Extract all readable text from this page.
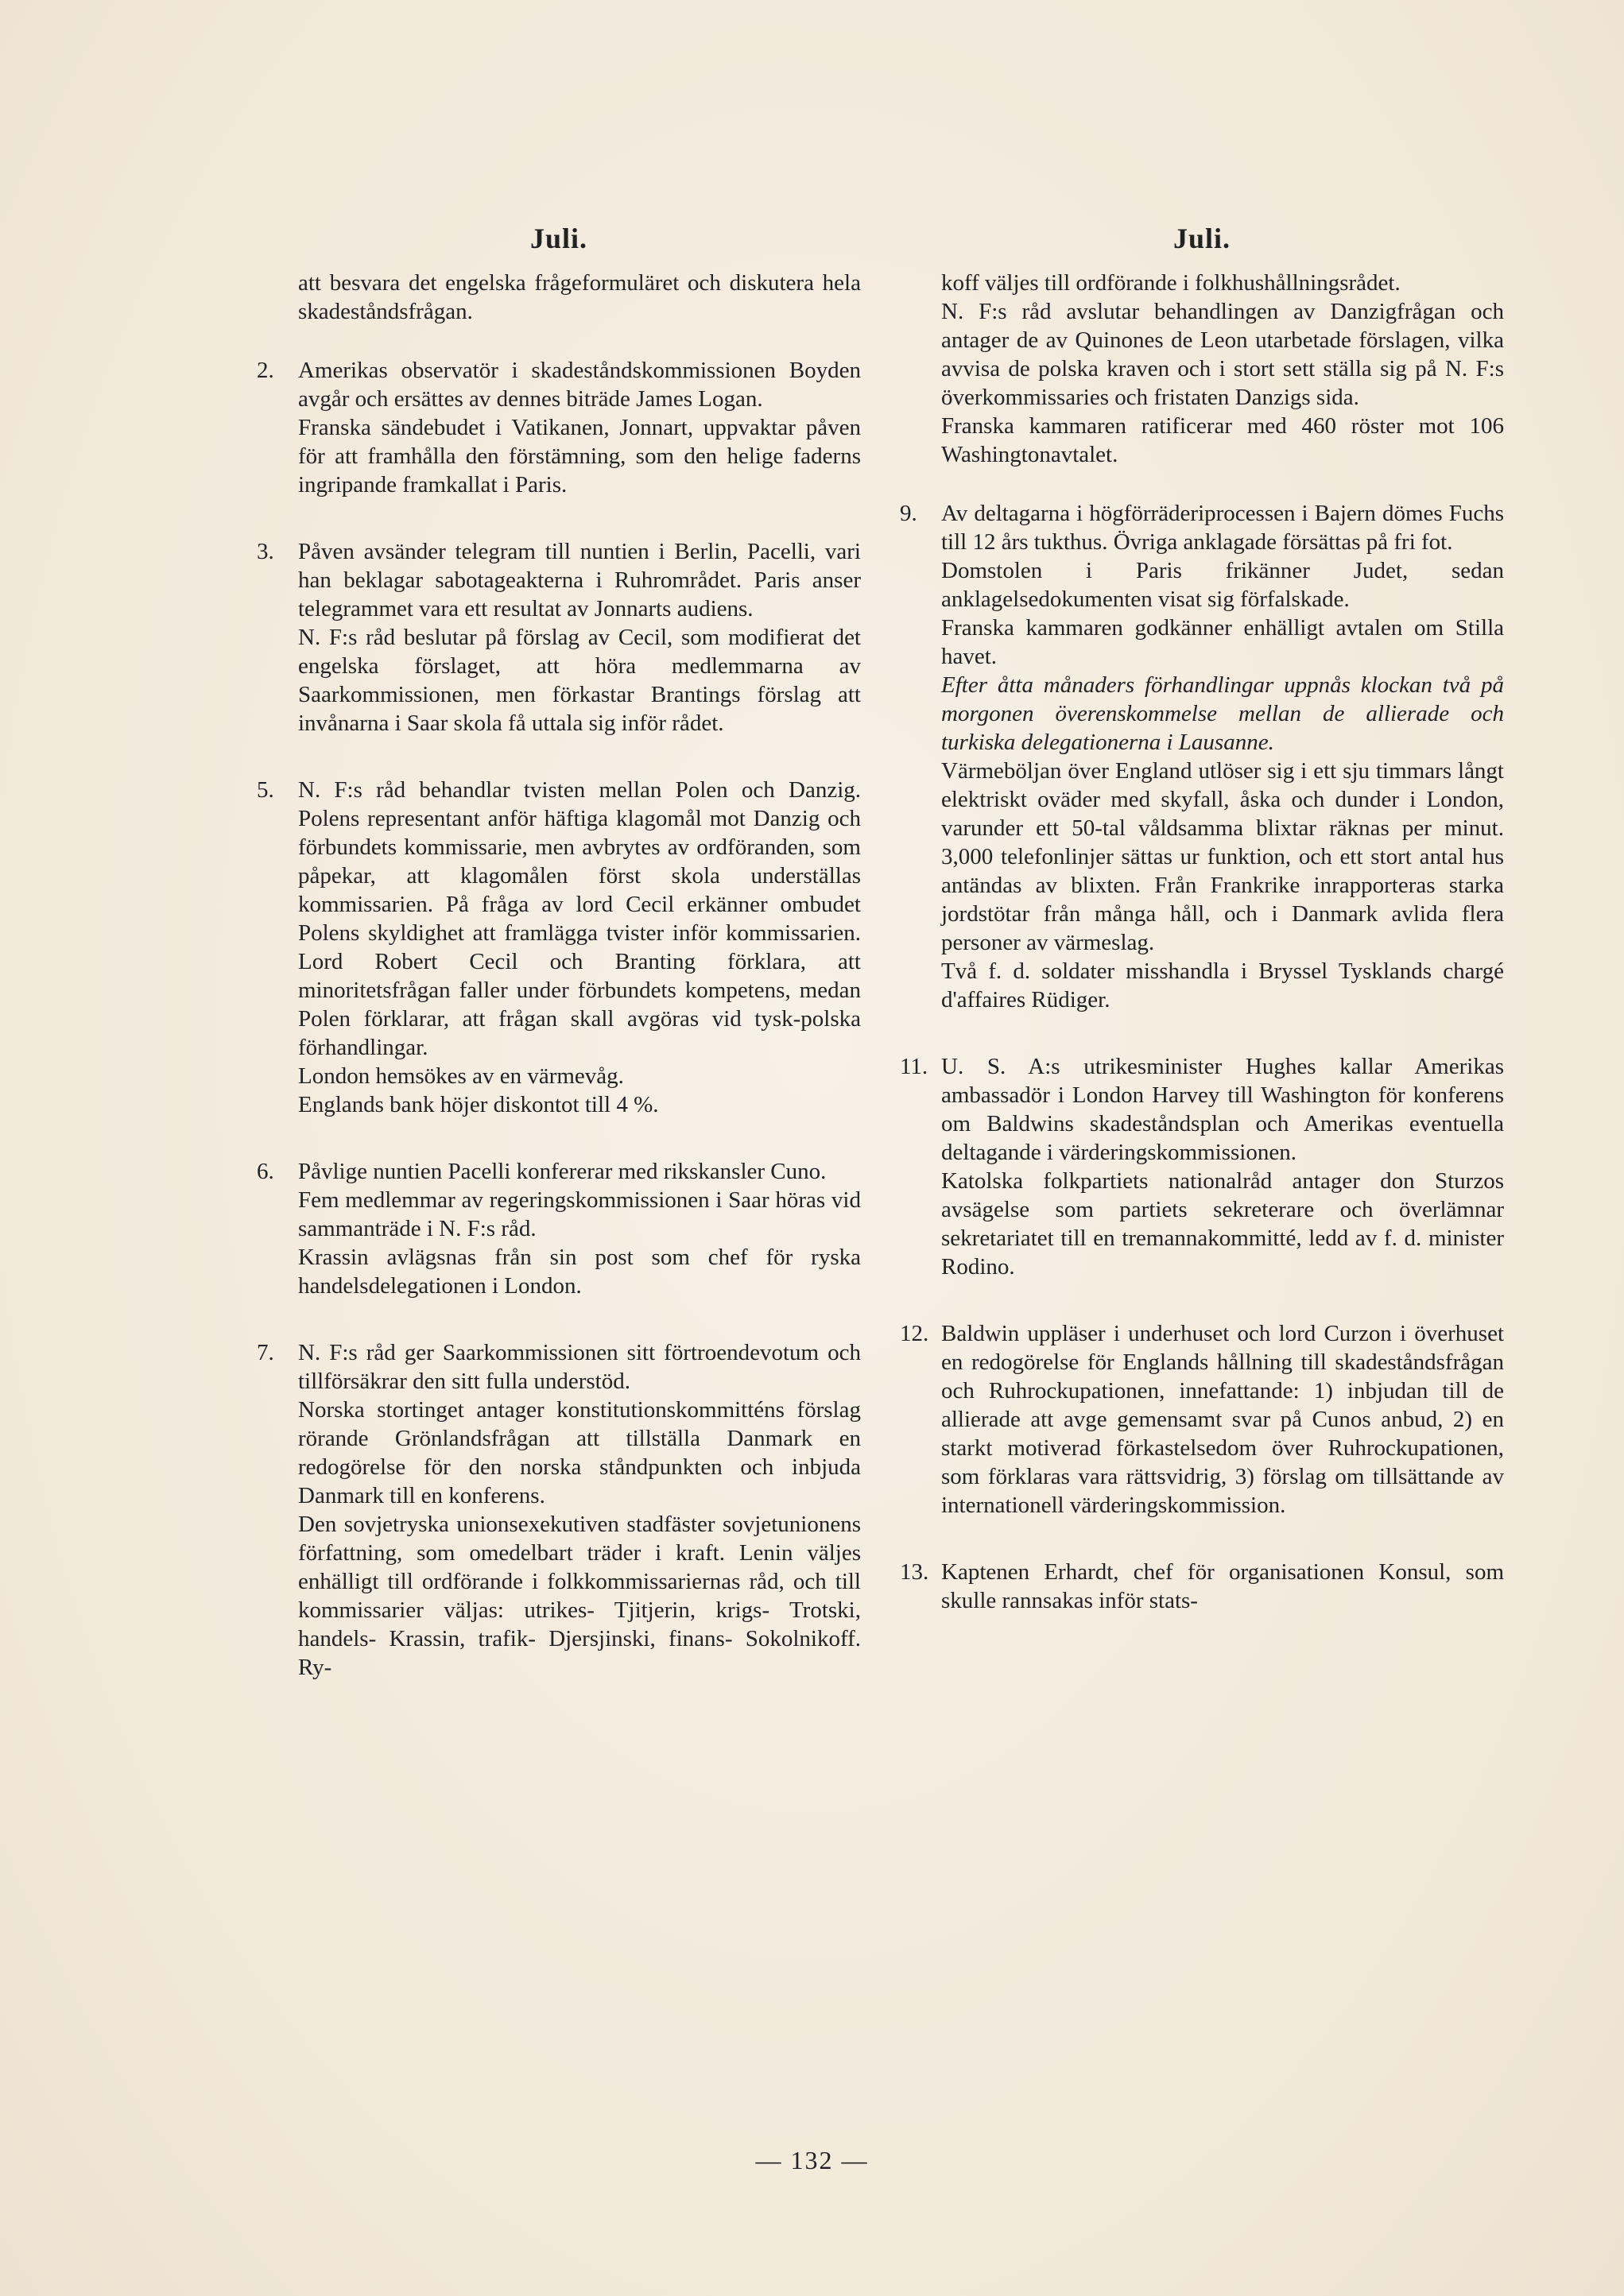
Juli.

att besvara det engelska frågeformuläret och diskutera hela skadeståndsfrågan.

2. Amerikas observatör i skadeståndskommissionen Boyden avgår och ersättes av dennes biträde James Logan.

Franska sändebudet i Vatikanen, Jonnart, uppvaktar påven för att framhålla den förstämning, som den helige faderns ingripande framkallat i Paris.

3. Påven avsänder telegram till nuntien i Berlin, Pacelli, vari han beklagar sabotageakterna i Ruhrområdet. Paris anser telegrammet vara ett resultat av Jonnarts audiens.

N. F:s råd beslutar på förslag av Cecil, som modifierat det engelska förslaget, att höra medlemmarna av Saarkommissionen, men förkastar Brantings förslag att invånarna i Saar skola få uttala sig inför rådet.

5. N. F:s råd behandlar tvisten mellan Polen och Danzig. Polens representant anför häftiga klagomål mot Danzig och förbundets kommissarie, men avbrytes av ordföranden, som påpekar, att klagomålen först skola underställas kommissarien. På fråga av lord Cecil erkänner ombudet Polens skyldighet att framlägga tvister inför kommissarien. Lord Robert Cecil och Branting förklara, att minoritetsfrågan faller under förbundets kompetens, medan Polen förklarar, att frågan skall avgöras vid tysk-polska förhandlingar.

London hemsökes av en värmevåg.

Englands bank höjer diskontot till 4 %.

6. Påvlige nuntien Pacelli konfererar med rikskansler Cuno.

Fem medlemmar av regeringskommissionen i Saar höras vid sammanträde i N. F:s råd.

Krassin avlägsnas från sin post som chef för ryska handelsdelegationen i London.

7. N. F:s råd ger Saarkommissionen sitt förtroendevotum och tillförsäkrar den sitt fulla understöd.

Norska stortinget antager konstitutionskommitténs förslag rörande Grönlandsfrågan att tillställa Danmark en redogörelse för den norska ståndpunkten och inbjuda Danmark till en konferens.

Den sovjetryska unionsexekutiven stadfäster sovjetunionens författning, som omedelbart träder i kraft. Lenin väljes enhälligt till ordförande i folkkommissariernas råd, och till kommissarier väljas: utrikes- Tjitjerin, krigs- Trotski, handels- Krassin, trafik- Djersjinski, finans- Sokolnikoff. Ry-

Juli.

koff väljes till ordförande i folkhushållningsrådet.

N. F:s råd avslutar behandlingen av Danzigfrågan och antager de av Quinones de Leon utarbetade förslagen, vilka avvisa de polska kraven och i stort sett ställa sig på N. F:s överkommissaries och fristaten Danzigs sida.

Franska kammaren ratificerar med 460 röster mot 106 Washingtonavtalet.

9. Av deltagarna i högförräderiprocessen i Bajern dömes Fuchs till 12 års tukthus. Övriga anklagade försättas på fri fot.

Domstolen i Paris frikänner Judet, sedan anklagelsedokumenten visat sig förfalskade.

Franska kammaren godkänner enhälligt avtalen om Stilla havet.

Efter åtta månaders förhandlingar uppnås klockan två på morgonen överenskommelse mellan de allierade och turkiska delegationerna i Lausanne.

Värmeböljan över England utlöser sig i ett sju timmars långt elektriskt oväder med skyfall, åska och dunder i London, varunder ett 50-tal våldsamma blixtar räknas per minut. 3,000 telefonlinjer sättas ur funktion, och ett stort antal hus antändas av blixten. Från Frankrike inrapporteras starka jordstötar från många håll, och i Danmark avlida flera personer av värmeslag.

Två f. d. soldater misshandla i Bryssel Tysklands chargé d'affaires Rüdiger.

11. U. S. A:s utrikesminister Hughes kallar Amerikas ambassadör i London Harvey till Washington för konferens om Baldwins skadeståndsplan och Amerikas eventuella deltagande i värderingskommissionen.

Katolska folkpartiets nationalråd antager don Sturzos avsägelse som partiets sekreterare och överlämnar sekretariatet till en tremannakommitté, ledd av f. d. minister Rodino.

12. Baldwin uppläser i underhuset och lord Curzon i överhuset en redogörelse för Englands hållning till skadeståndsfrågan och Ruhrockupationen, innefattande: 1) inbjudan till de allierade att avge gemensamt svar på Cunos anbud, 2) en starkt motiverad förkastelsedom över Ruhrockupationen, som förklaras vara rättsvidrig, 3) förslag om tillsättande av internationell värderingskommission.

13. Kaptenen Erhardt, chef för organisationen Konsul, som skulle rannsakas inför stats-

— 132 —
